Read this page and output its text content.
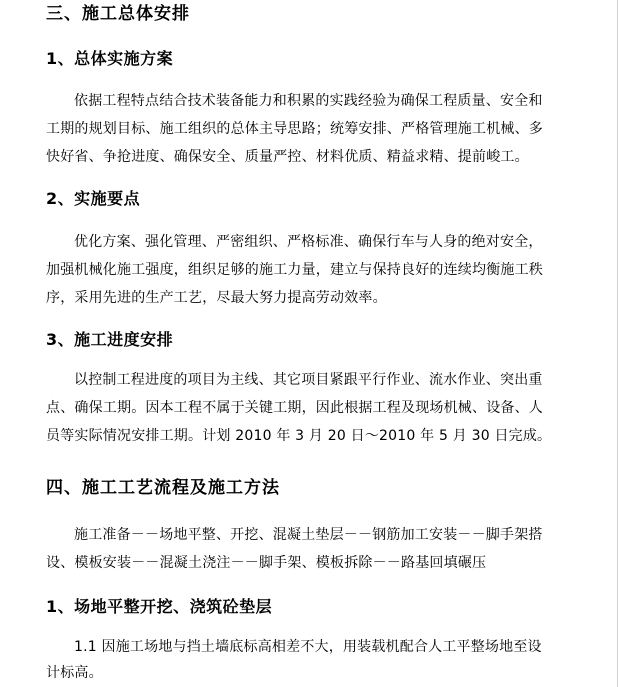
三、施工总体安排
1、总体实施方案
依据工程特点结合技术装备能力和积累的实践经验为确保工程质量、安全和
工期的规划目标、施工组织的总体主导思路；统筹安排、严格管理施工机械、多
快好省、争抢进度、确保安全、质量严控、材料优质、精益求精、提前峻工。
2、实施要点
优化方案、强化管理、严密组织、严格标准、确保行车与人身的绝对安全，
加强机械化施工强度，组织足够的施工力量，建立与保持良好的连续均衡施工秩
序，采用先进的生产工艺，尽最大努力提高劳动效率。
3、施工进度安排
以控制工程进度的项目为主线、其它项目紧跟平行作业、流水作业、突出重
点、确保工期。因本工程不属于关键工期，因此根据工程及现场机械、设备、人
员等实际情况安排工期。计划 2010 年 3 月 20 日～2010 年 5 月 30 日完成。
四、施工工艺流程及施工方法
施工准备－－场地平整、开挖、混凝土垫层－－钢筋加工安装－－脚手架搭
设、模板安装－－混凝土浇注－－脚手架、模板拆除－－路基回填碾压
1、场地平整开挖、浇筑砼垫层
1.1 因施工场地与挡土墙底标高相差不大，用装载机配合人工平整场地至设
计标高。
